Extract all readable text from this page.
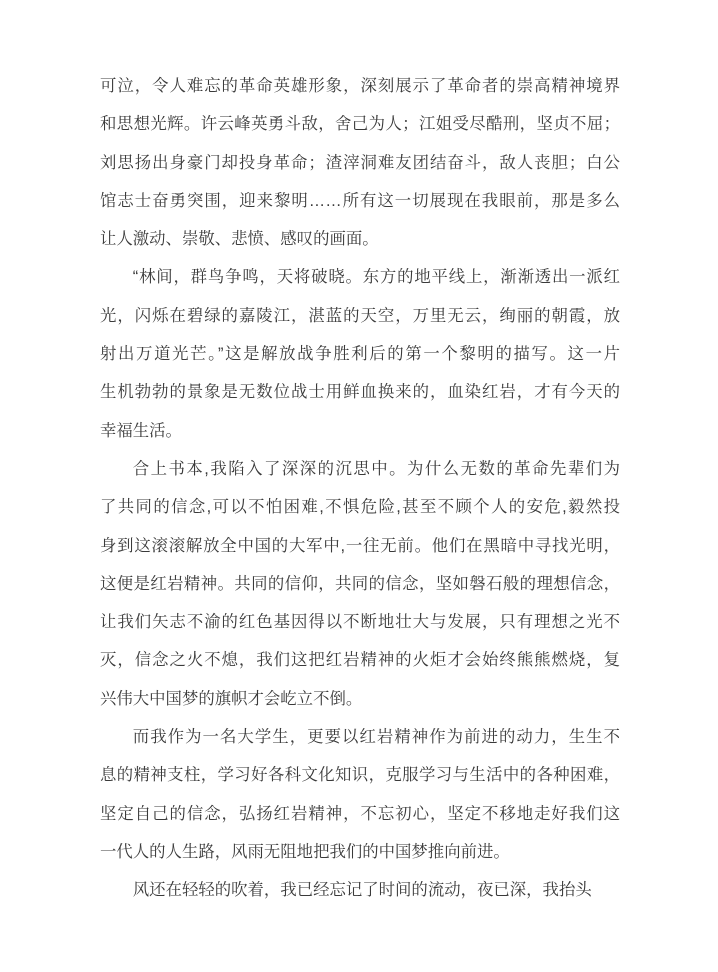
可泣，令人难忘的革命英雄形象，深刻展示了革命者的崇高精神境界
和思想光辉。许云峰英勇斗敌，舍己为人；江姐受尽酷刑，坚贞不屈；
刘思扬出身豪门却投身革命；渣滓洞难友团结奋斗，敌人丧胆；白公
馆志士奋勇突围，迎来黎明……所有这一切展现在我眼前，那是多么
让人激动、崇敬、悲愤、感叹的画面。
“林间，群鸟争鸣，天将破晓。东方的地平线上，渐渐透出一派红
光，闪烁在碧绿的嘉陵江，湛蓝的天空，万里无云，绚丽的朝霞，放
射出万道光芒。”这是解放战争胜利后的第一个黎明的描写。这一片
生机勃勃的景象是无数位战士用鲜血换来的，血染红岩，才有今天的
幸福生活。
合上书本,我陷入了深深的沉思中。为什么无数的革命先辈们为
了共同的信念,可以不怕困难,不惧危险,甚至不顾个人的安危,毅然投
身到这滚滚解放全中国的大军中,一往无前。他们在黑暗中寻找光明，
这便是红岩精神。共同的信仰，共同的信念，坚如磐石般的理想信念，
让我们矢志不渝的红色基因得以不断地壮大与发展，只有理想之光不
灭，信念之火不熄，我们这把红岩精神的火炬才会始终熊熊燃烧，复
兴伟大中国梦的旗帜才会屹立不倒。
而我作为一名大学生，更要以红岩精神作为前进的动力，生生不
息的精神支柱，学习好各科文化知识，克服学习与生活中的各种困难，
坚定自己的信念，弘扬红岩精神，不忘初心，坚定不移地走好我们这
一代人的人生路，风雨无阻地把我们的中国梦推向前进。
风还在轻轻的吹着，我已经忘记了时间的流动，夜已深，我抬头
